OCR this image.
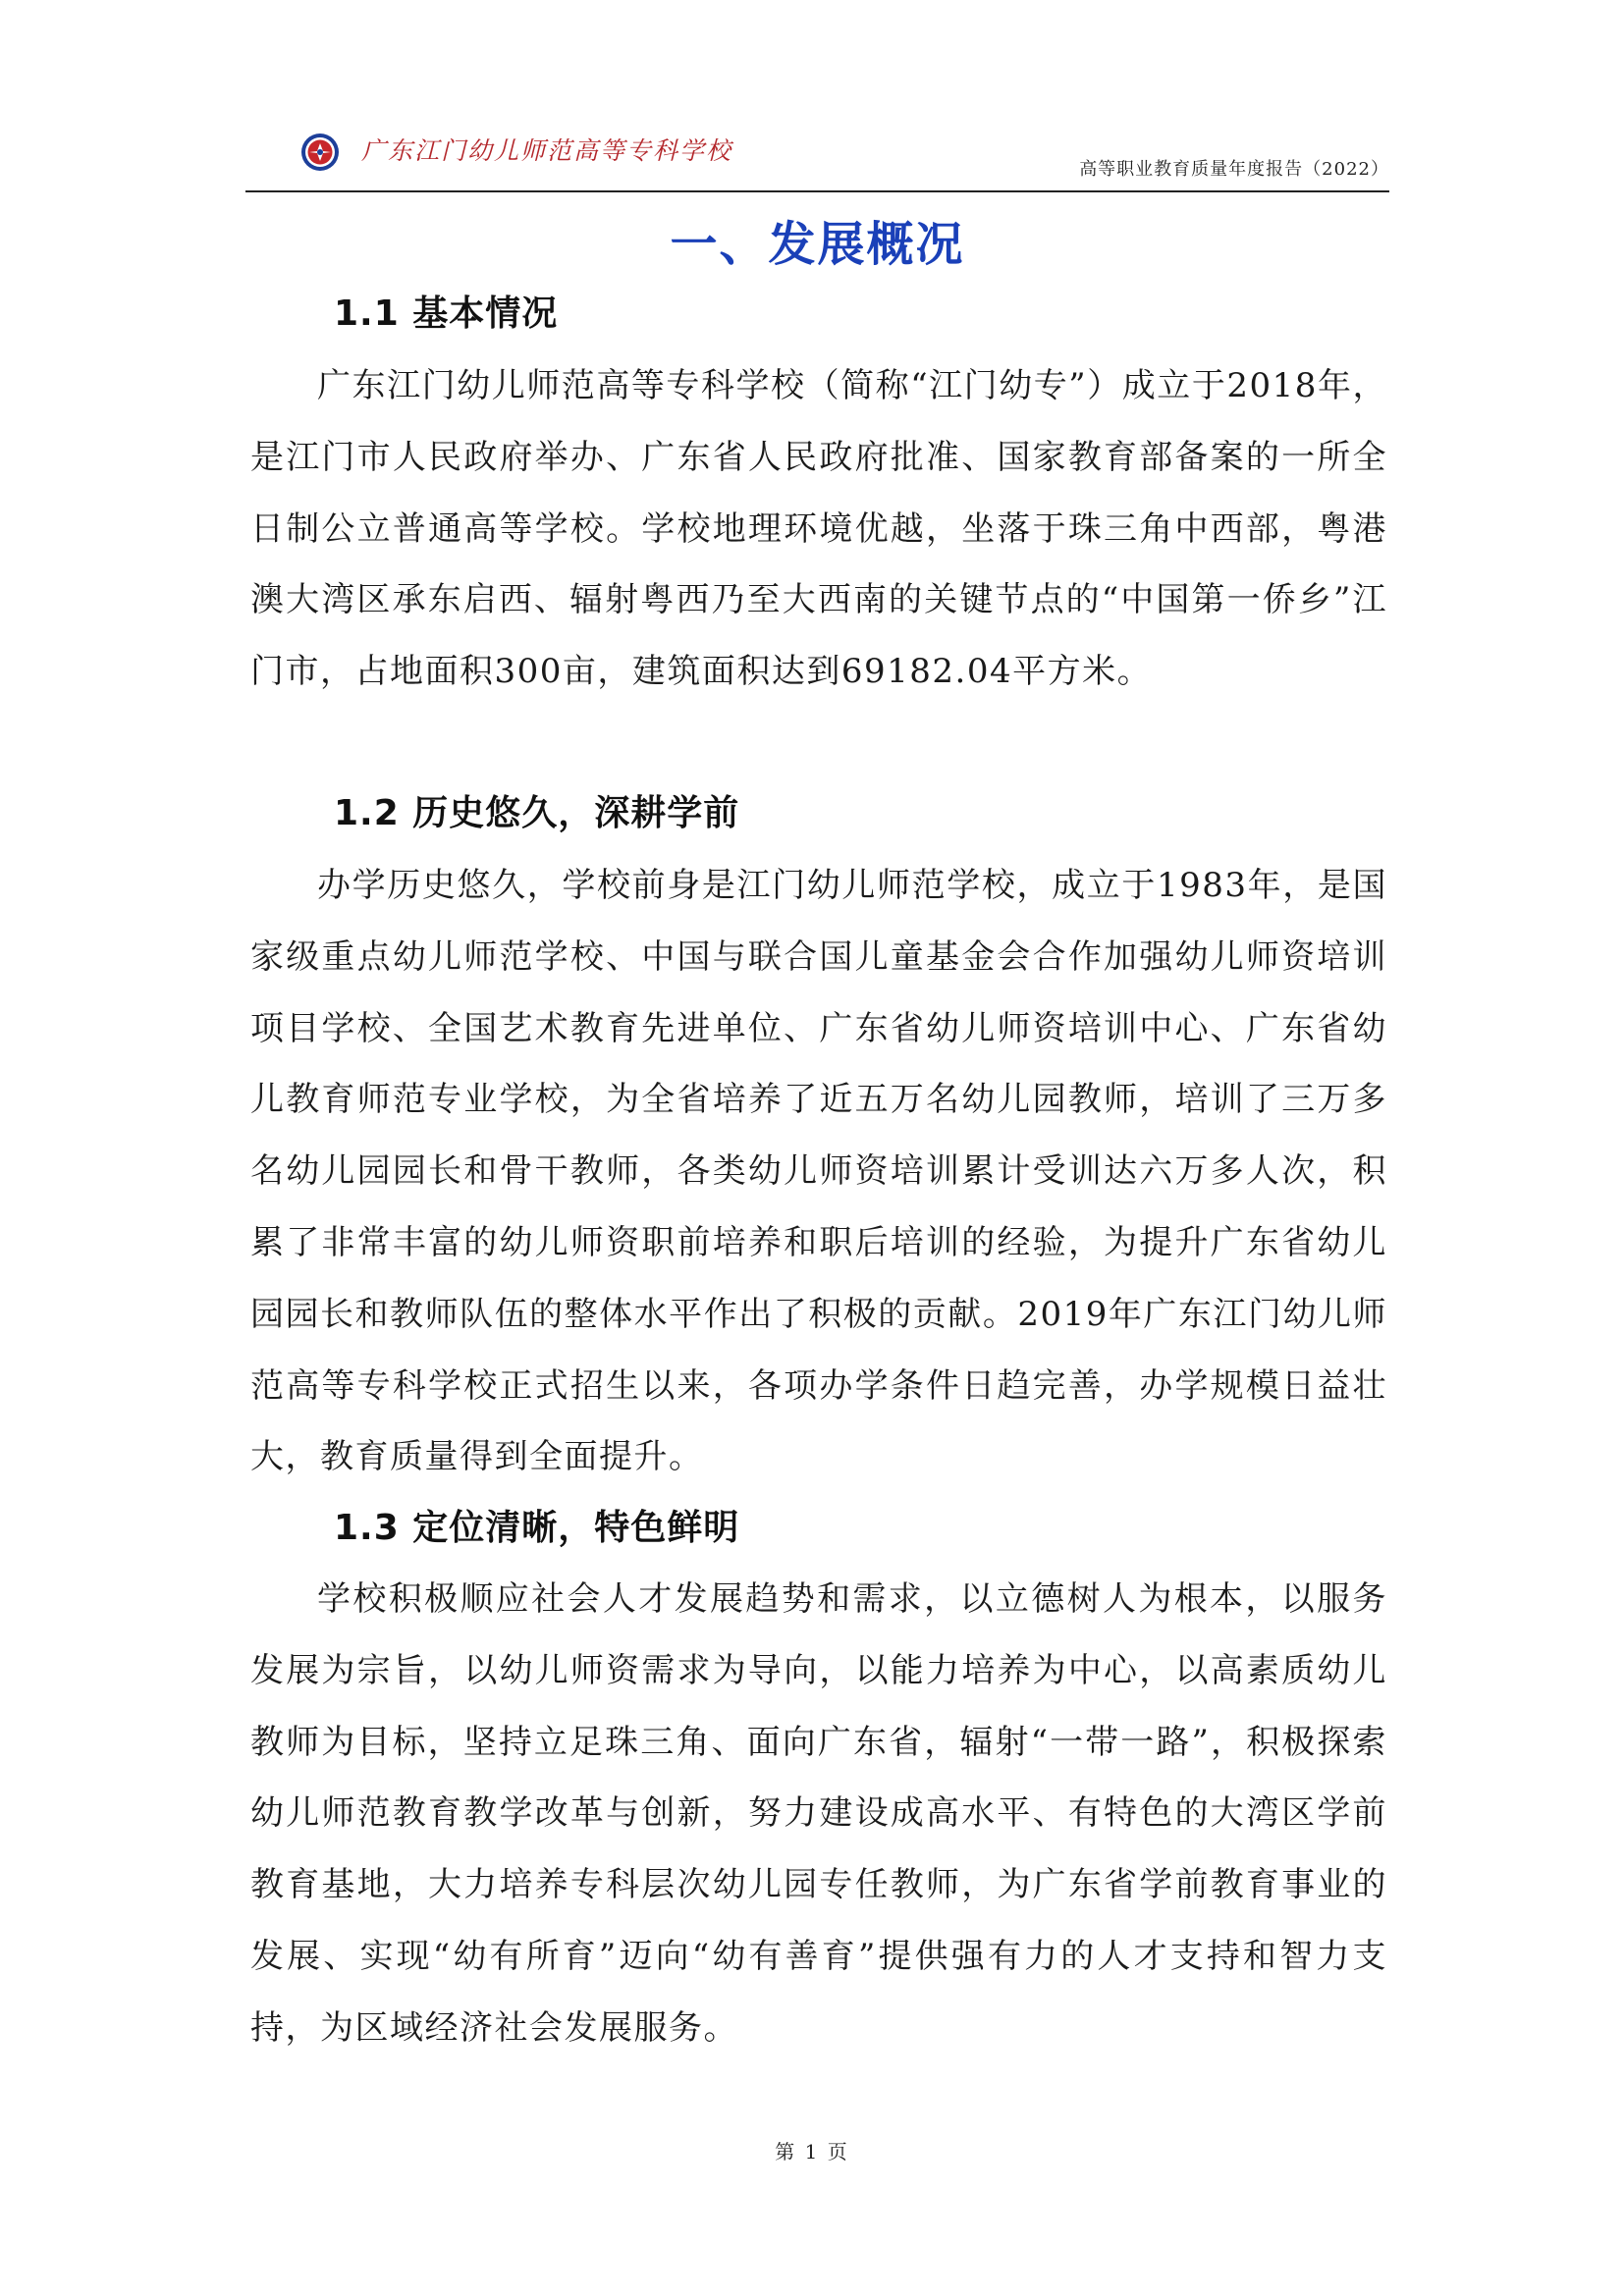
广东江门幼儿师范高等专科学校
高等职业教育质量年度报告（2022）
一、发展概况
1.1 基本情况

广东江门幼儿师范高等专科学校（简称“江门幼专”）成立于2018年，是江门市人民政府举办、广东省人民政府批准、国家教育部备案的一所全日制公立普通高等学校。学校地理环境优越，坐落于珠三角中西部，粤港澳大湾区承东启西、辐射粤西乃至大西南的关键节点的“中国第一侨乡”江门市，占地面积300亩，建筑面积达到69182.04平方米。

1.2 历史悠久，深耕学前

办学历史悠久，学校前身是江门幼儿师范学校，成立于1983年，是国家级重点幼儿师范学校、中国与联合国儿童基金会合作加强幼儿师资培训项目学校、全国艺术教育先进单位、广东省幼儿师资培训中心、广东省幼儿教育师范专业学校，为全省培养了近五万名幼儿园教师，培训了三万多名幼儿园园长和骨干教师，各类幼儿师资培训累计受训达六万多人次，积累了非常丰富的幼儿师资职前培养和职后培训的经验，为提升广东省幼儿园园长和教师队伍的整体水平作出了积极的贡献。2019年广东江门幼儿师范高等专科学校正式招生以来，各项办学条件日趋完善，办学规模日益壮大，教育质量得到全面提升。

1.3 定位清晰，特色鲜明

学校积极顺应社会人才发展趋势和需求，以立德树人为根本，以服务发展为宗旨，以幼儿师资需求为导向，以能力培养为中心，以高素质幼儿教师为目标，坚持立足珠三角、面向广东省，辐射“一带一路”，积极探索幼儿师范教育教学改革与创新，努力建设成高水平、有特色的大湾区学前教育基地，大力培养专科层次幼儿园专任教师，为广东省学前教育事业的发展、实现“幼有所育”迈向“幼有善育”提供强有力的人才支持和智力支持，为区域经济社会发展服务。

第 1 页
